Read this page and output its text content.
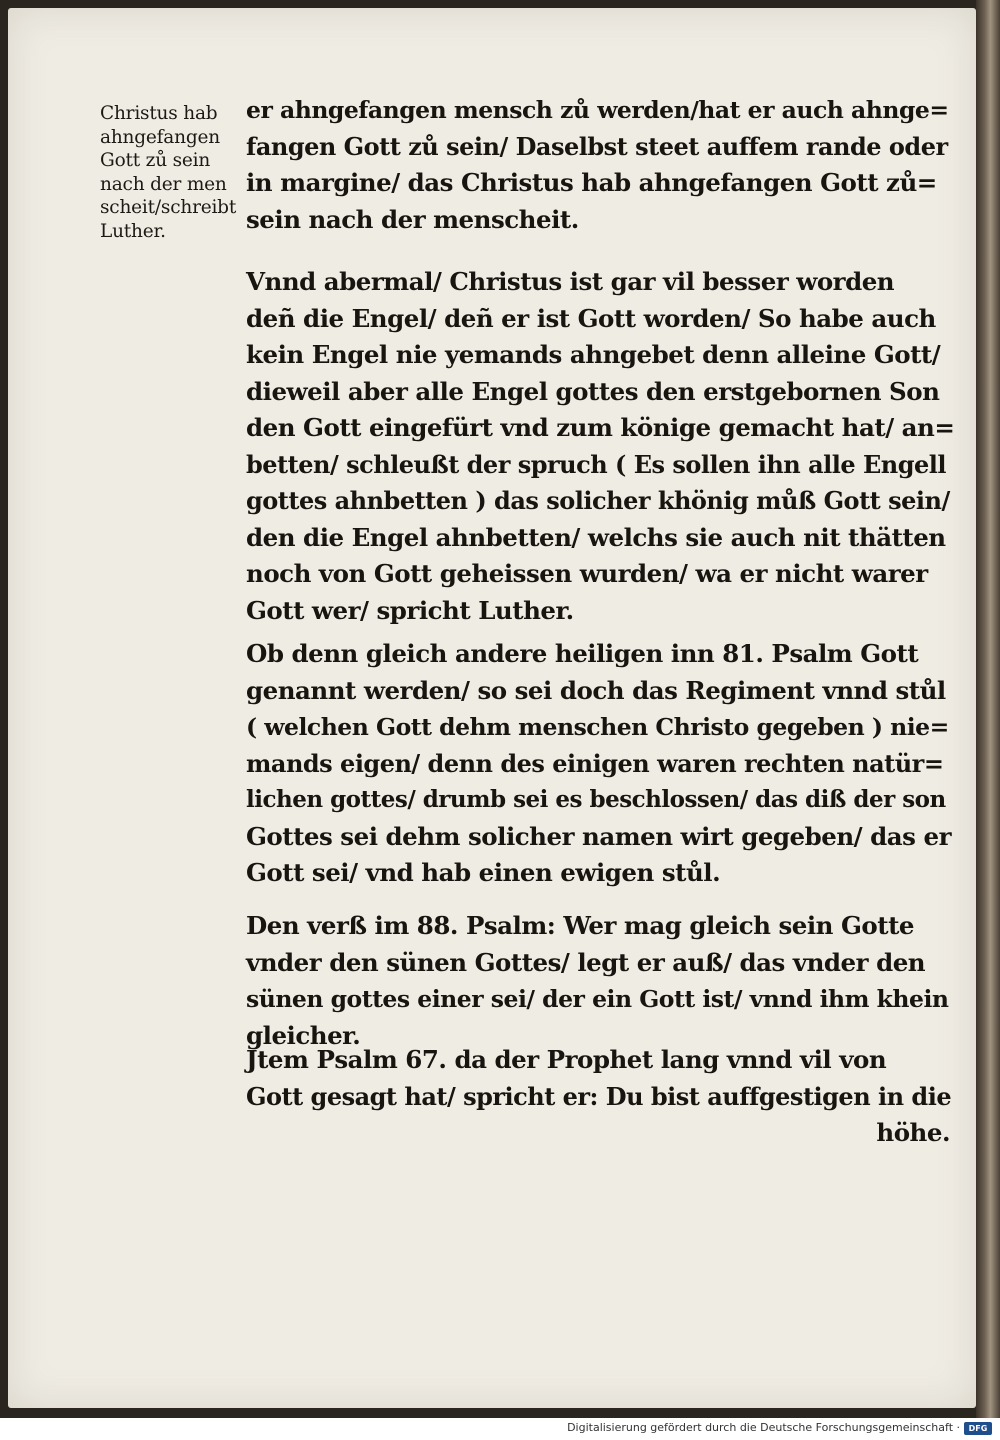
Christus hab
ahngefangen
Gott zů sein
nach der men
scheit/schreibt
Luther.
er ahngefangen mensch zů werden/hat er auch ahnge=
fangen Gott zů sein/ Daselbst steet auffem rande oder
in margine/ das Christus hab ahngefangen Gott zů=
sein nach der menscheit.
Vnnd abermal/ Christus ist gar vil besser worden
deñ die Engel/ deñ er ist Gott worden/ So habe auch
kein Engel nie yemands ahngebet denn alleine Gott/
dieweil aber alle Engel gottes den erstgebornen Son
den Gott eingefürt vnd zum könige gemacht hat/ an=
betten/ schleußt der spruch ( Es sollen ihn alle Engell
gottes ahnbetten ) das solicher khönig můß Gott sein/
den die Engel ahnbetten/ welchs sie auch nit thätten
noch von Gott geheissen wurden/ wa er nicht warer
Gott wer/ spricht Luther.
Ob denn gleich andere heiligen inn 81. Psalm Gott
genannt werden/ so sei doch das Regiment vnnd stůl
( welchen Gott dehm menschen Christo gegeben ) nie=
mands eigen/ denn des einigen waren rechten natür=
lichen gottes/ drumb sei es beschlossen/ das diß der son
Gottes sei dehm solicher namen wirt gegeben/ das er
Gott sei/ vnd hab einen ewigen stůl.
Den verß im 88. Psalm: Wer mag gleich sein Gotte
vnder den sünen Gottes/ legt er auß/ das vnder den
sünen gottes einer sei/ der ein Gott ist/ vnnd ihm khein
gleicher.
Jtem Psalm 67. da der Prophet lang vnnd vil von
Gott gesagt hat/ spricht er: Du bist auffgestigen in die
höhe.
Digitalisierung gefördert durch die Deutsche Forschungsgemeinschaft ·	DFG
